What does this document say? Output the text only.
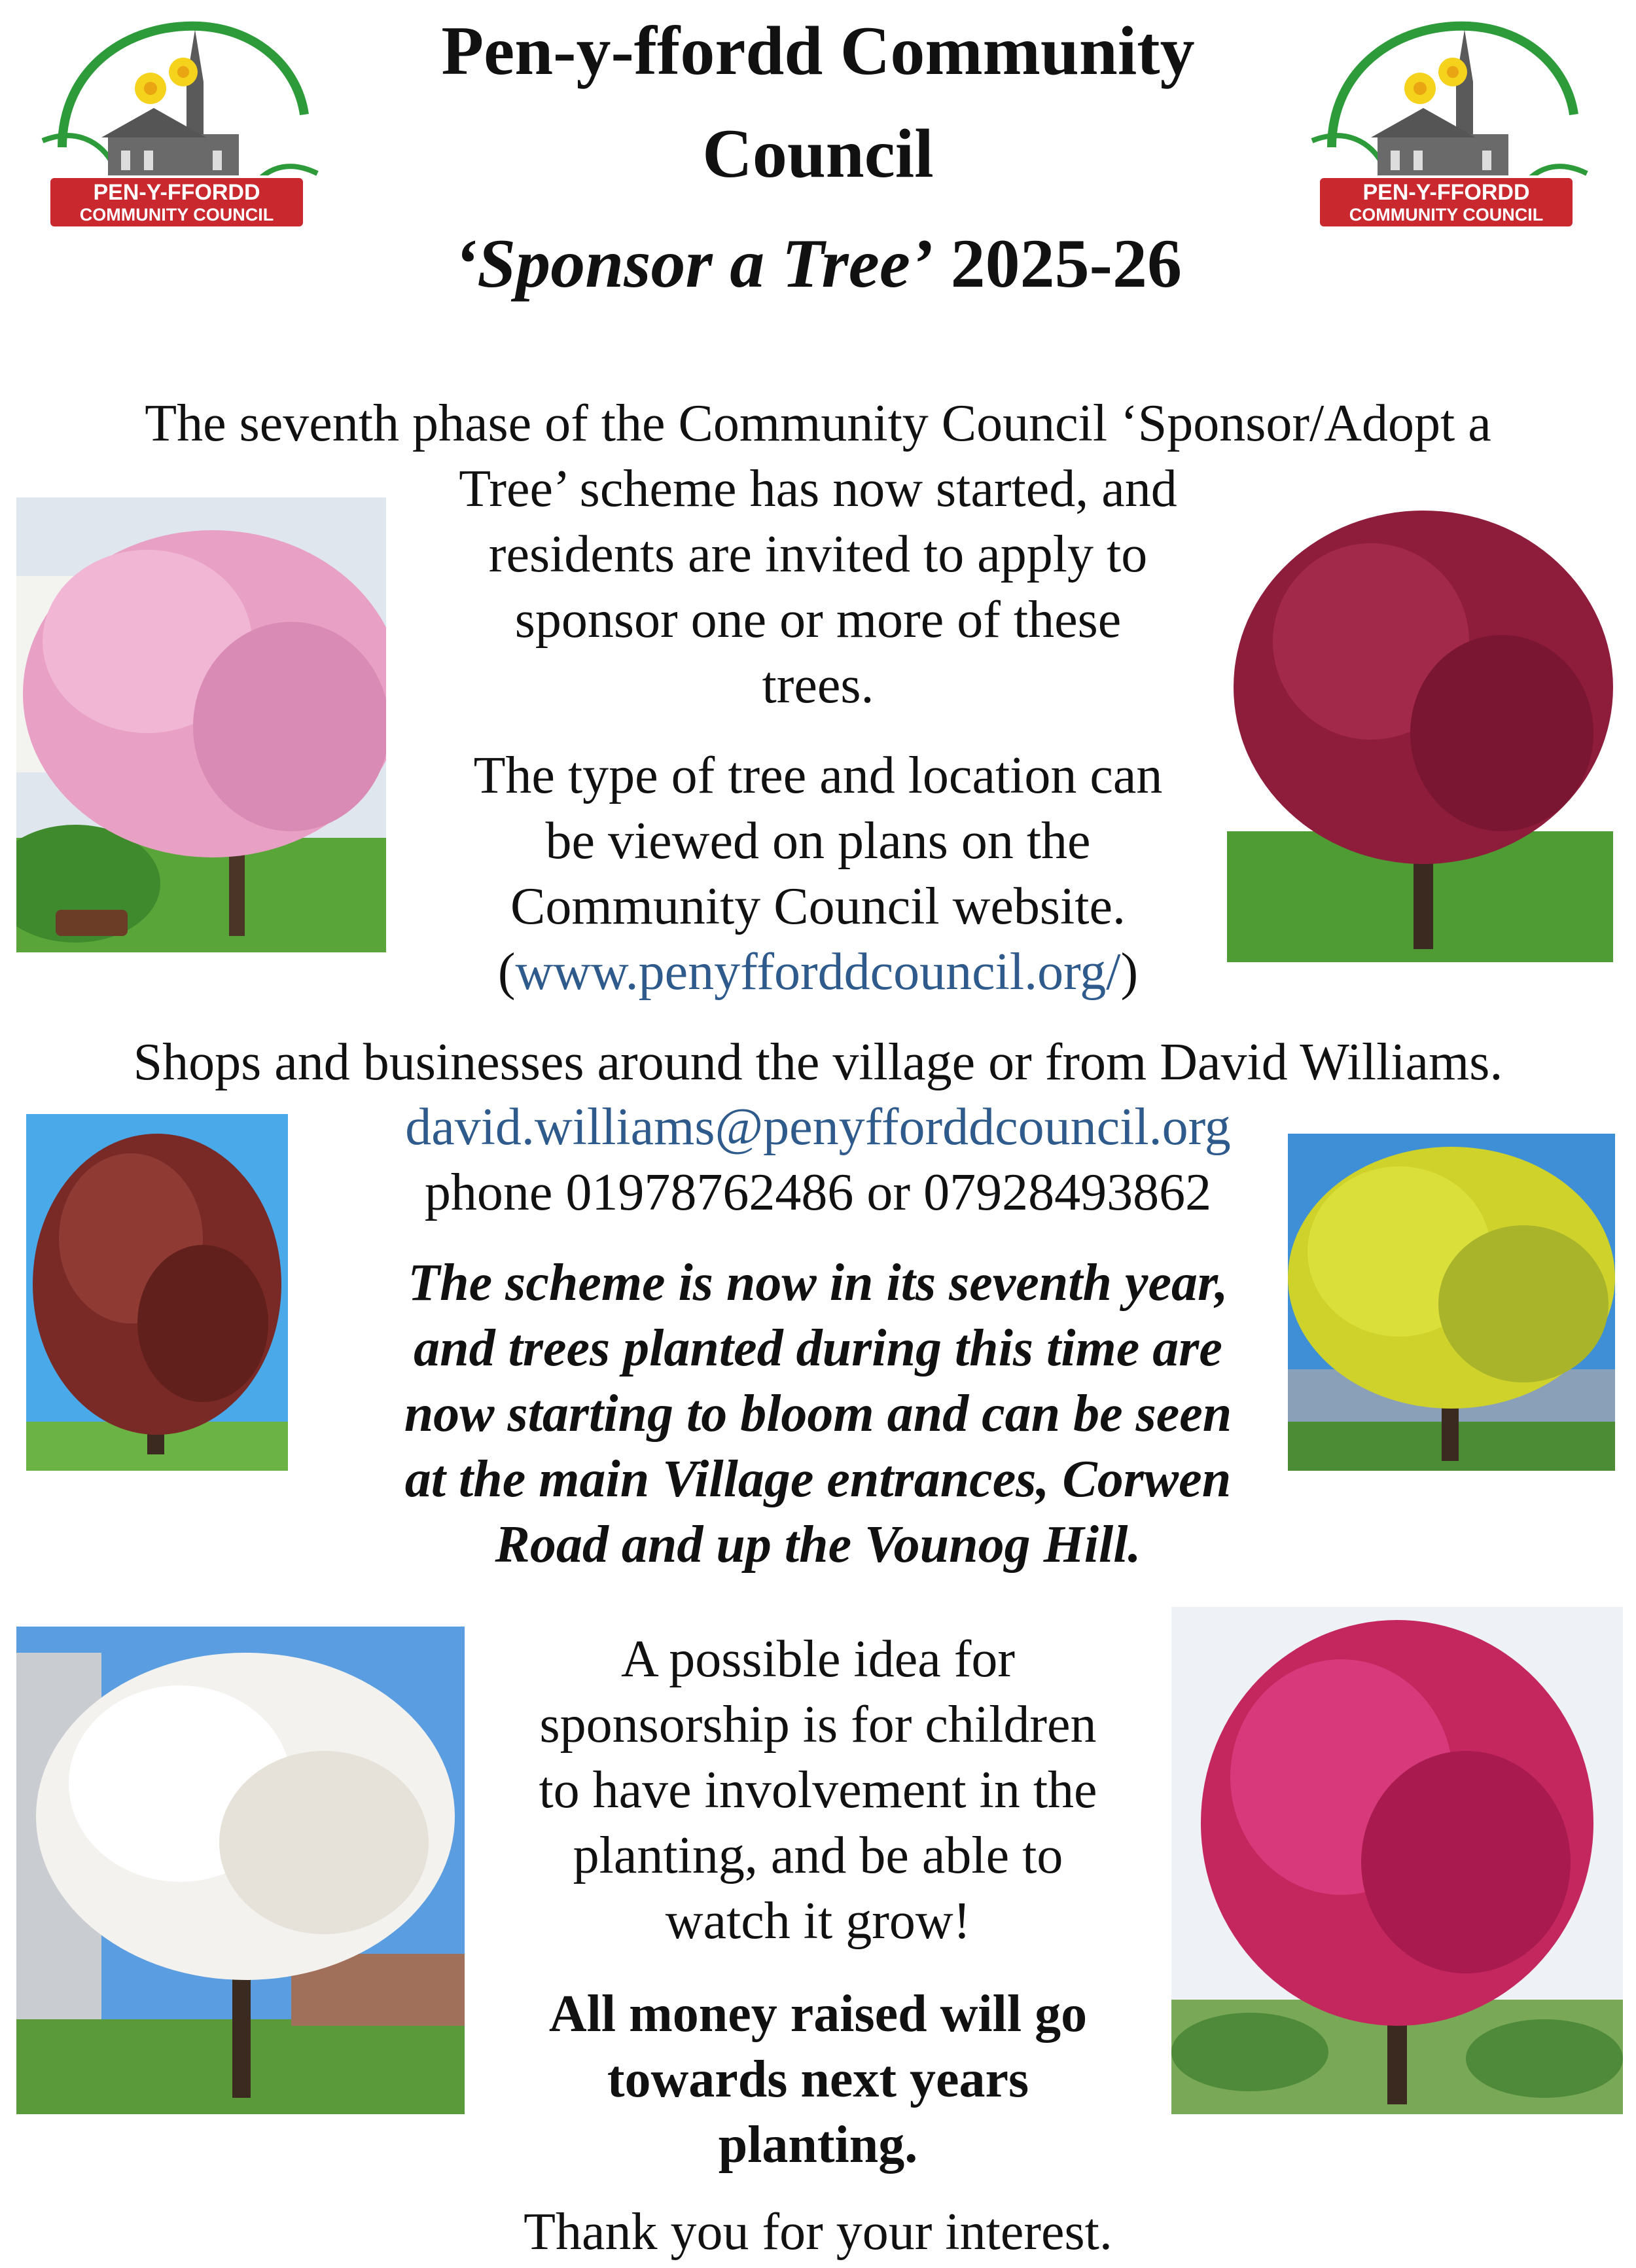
PEN-Y-FFORDD
COMMUNITY COUNCIL
PEN-Y-FFORDD
COMMUNITY COUNCIL
Pen-y-ffordd Community
Council
‘Sponsor a Tree’ 2025-26
The seventh phase of the Community Council ‘Sponsor/Adopt a
Tree’ scheme has now started, and
residents are invited to apply to
sponsor one or more of these
trees.
The type of tree and location can
be viewed on plans on the
Community Council website.
(www.penyfforddcouncil.org/)
Shops and businesses around the village or from David Williams.
david.williams@penyfforddcouncil.org
phone 01978762486 or 07928493862
The scheme is now in its seventh year,
and trees planted during this time are
now starting to bloom and can be seen
at the main Village entrances, Corwen
Road and up the Vounog Hill.
A possible idea for
sponsorship is for children
to have involvement in the
planting, and be able to
watch it grow!
All money raised will go
towards next years
planting.
Thank you for your interest.
